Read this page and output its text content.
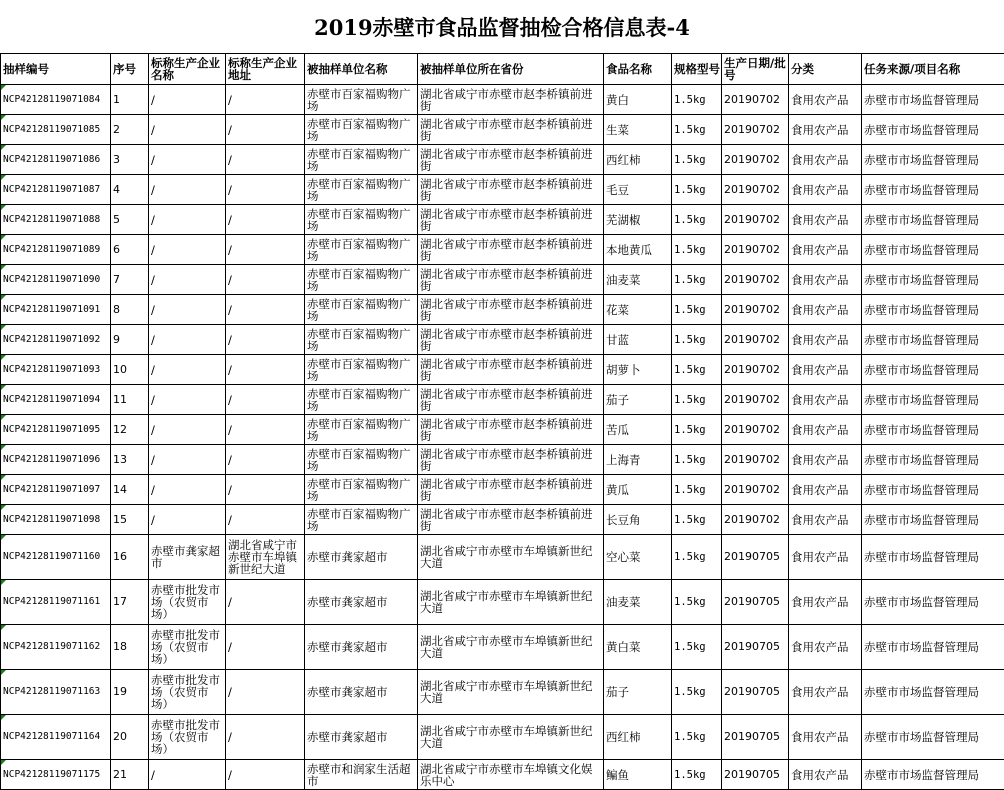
2019赤壁市食品监督抽检合格信息表-4
抽样编号	序号	标称生产企业名称	标称生产企业地址	被抽样单位名称	被抽样单位所在省份	食品名称	规格型号	生产日期/批号	分类	任务来源/项目名称
NCP42128119071084	1	/	/	赤壁市百家福购物广场	湖北省咸宁市赤壁市赵李桥镇前进街	黄白	1.5kg	20190702	食用农产品	赤壁市市场监督管理局
NCP42128119071085	2	/	/	赤壁市百家福购物广场	湖北省咸宁市赤壁市赵李桥镇前进街	生菜	1.5kg	20190702	食用农产品	赤壁市市场监督管理局
NCP42128119071086	3	/	/	赤壁市百家福购物广场	湖北省咸宁市赤壁市赵李桥镇前进街	西红柿	1.5kg	20190702	食用农产品	赤壁市市场监督管理局
NCP42128119071087	4	/	/	赤壁市百家福购物广场	湖北省咸宁市赤壁市赵李桥镇前进街	毛豆	1.5kg	20190702	食用农产品	赤壁市市场监督管理局
NCP42128119071088	5	/	/	赤壁市百家福购物广场	湖北省咸宁市赤壁市赵李桥镇前进街	芜湖椒	1.5kg	20190702	食用农产品	赤壁市市场监督管理局
NCP42128119071089	6	/	/	赤壁市百家福购物广场	湖北省咸宁市赤壁市赵李桥镇前进街	本地黄瓜	1.5kg	20190702	食用农产品	赤壁市市场监督管理局
NCP42128119071090	7	/	/	赤壁市百家福购物广场	湖北省咸宁市赤壁市赵李桥镇前进街	油麦菜	1.5kg	20190702	食用农产品	赤壁市市场监督管理局
NCP42128119071091	8	/	/	赤壁市百家福购物广场	湖北省咸宁市赤壁市赵李桥镇前进街	花菜	1.5kg	20190702	食用农产品	赤壁市市场监督管理局
NCP42128119071092	9	/	/	赤壁市百家福购物广场	湖北省咸宁市赤壁市赵李桥镇前进街	甘蓝	1.5kg	20190702	食用农产品	赤壁市市场监督管理局
NCP42128119071093	10	/	/	赤壁市百家福购物广场	湖北省咸宁市赤壁市赵李桥镇前进街	胡萝卜	1.5kg	20190702	食用农产品	赤壁市市场监督管理局
NCP42128119071094	11	/	/	赤壁市百家福购物广场	湖北省咸宁市赤壁市赵李桥镇前进街	茄子	1.5kg	20190702	食用农产品	赤壁市市场监督管理局
NCP42128119071095	12	/	/	赤壁市百家福购物广场	湖北省咸宁市赤壁市赵李桥镇前进街	苦瓜	1.5kg	20190702	食用农产品	赤壁市市场监督管理局
NCP42128119071096	13	/	/	赤壁市百家福购物广场	湖北省咸宁市赤壁市赵李桥镇前进街	上海青	1.5kg	20190702	食用农产品	赤壁市市场监督管理局
NCP42128119071097	14	/	/	赤壁市百家福购物广场	湖北省咸宁市赤壁市赵李桥镇前进街	黄瓜	1.5kg	20190702	食用农产品	赤壁市市场监督管理局
NCP42128119071098	15	/	/	赤壁市百家福购物广场	湖北省咸宁市赤壁市赵李桥镇前进街	长豆角	1.5kg	20190702	食用农产品	赤壁市市场监督管理局
NCP42128119071160	16	赤壁市龚家超市	湖北省咸宁市赤壁市车埠镇新世纪大道	赤壁市龚家超市	湖北省咸宁市赤壁市车埠镇新世纪大道	空心菜	1.5kg	20190705	食用农产品	赤壁市市场监督管理局
NCP42128119071161	17	赤壁市批发市场（农贸市场）	/	赤壁市龚家超市	湖北省咸宁市赤壁市车埠镇新世纪大道	油麦菜	1.5kg	20190705	食用农产品	赤壁市市场监督管理局
NCP42128119071162	18	赤壁市批发市场（农贸市场）	/	赤壁市龚家超市	湖北省咸宁市赤壁市车埠镇新世纪大道	黄白菜	1.5kg	20190705	食用农产品	赤壁市市场监督管理局
NCP42128119071163	19	赤壁市批发市场（农贸市场）	/	赤壁市龚家超市	湖北省咸宁市赤壁市车埠镇新世纪大道	茄子	1.5kg	20190705	食用农产品	赤壁市市场监督管理局
NCP42128119071164	20	赤壁市批发市场（农贸市场）	/	赤壁市龚家超市	湖北省咸宁市赤壁市车埠镇新世纪大道	西红柿	1.5kg	20190705	食用农产品	赤壁市市场监督管理局
NCP42128119071175	21	/	/	赤壁市和润家生活超市	湖北省咸宁市赤壁市车埠镇文化娱乐中心	鳊鱼	1.5kg	20190705	食用农产品	赤壁市市场监督管理局
